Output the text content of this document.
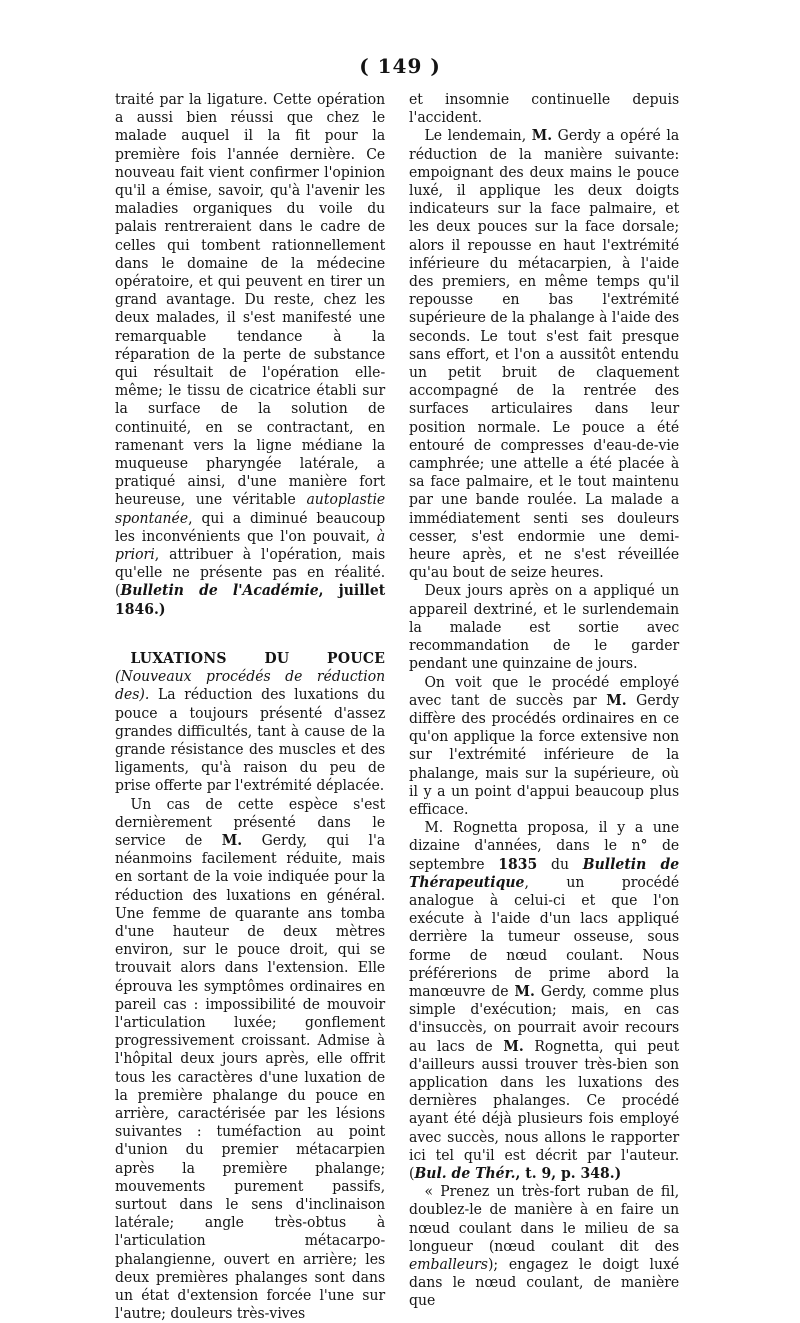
( 149 )

traité par la ligature. Cette opération a aussi bien réussi que chez le malade auquel il la fit pour la première fois l'année dernière. Ce nouveau fait vient confirmer l'opinion qu'il a émise, savoir, qu'à l'avenir les maladies organiques du voile du palais rentreraient dans le cadre de celles qui tombent rationnellement dans le domaine de la médecine opératoire, et qui peuvent en tirer un grand avantage. Du reste, chez les deux malades, il s'est manifesté une remarquable tendance à la réparation de la perte de substance qui résultait de l'opération elle-même; le tissu de cicatrice établi sur la surface de la solution de continuité, en se contractant, en ramenant vers la ligne médiane la muqueuse pharyngée latérale, a pratiqué ainsi, d'une manière fort heureuse, une véritable autoplastie spontanée, qui a diminué beaucoup les inconvénients que l'on pouvait, à priori, attribuer à l'opération, mais qu'elle ne présente pas en réalité. (Bulletin de l'Académie, juillet 1846.)

LUXATIONS DU POUCE (Nouveaux procédés de réduction des). La réduction des luxations du pouce a toujours présenté d'assez grandes difficultés, tant à cause de la grande résistance des muscles et des ligaments, qu'à raison du peu de prise offerte par l'extrémité déplacée.

Un cas de cette espèce s'est dernièrement présenté dans le service de M. Gerdy, qui l'a néanmoins facilement réduite, mais en sortant de la voie indiquée pour la réduction des luxations en général. Une femme de quarante ans tomba d'une hauteur de deux mètres environ, sur le pouce droit, qui se trouvait alors dans l'extension. Elle éprouva les symptômes ordinaires en pareil cas : impossibilité de mouvoir l'articulation luxée; gonflement progressivement croissant. Admise à l'hôpital deux jours après, elle offrit tous les caractères d'une luxation de la première phalange du pouce en arrière, caractérisée par les lésions suivantes : tuméfaction au point d'union du premier métacarpien après la première phalange; mouvements purement passifs, surtout dans le sens d'inclinaison latérale; angle très-obtus à l'articulation métacarpo-phalangienne, ouvert en arrière; les deux premières phalanges sont dans un état d'extension forcée l'une sur l'autre; douleurs très-vives

et insomnie continuelle depuis l'accident.

Le lendemain, M. Gerdy a opéré la réduction de la manière suivante: empoignant des deux mains le pouce luxé, il applique les deux doigts indicateurs sur la face palmaire, et les deux pouces sur la face dorsale; alors il repousse en haut l'extrémité inférieure du métacarpien, à l'aide des premiers, en même temps qu'il repousse en bas l'extrémité supérieure de la phalange à l'aide des seconds. Le tout s'est fait presque sans effort, et l'on a aussitôt entendu un petit bruit de claquement accompagné de la rentrée des surfaces articulaires dans leur position normale. Le pouce a été entouré de compresses d'eau-de-vie camphrée; une attelle a été placée à sa face palmaire, et le tout maintenu par une bande roulée. La malade a immédiatement senti ses douleurs cesser, s'est endormie une demi-heure après, et ne s'est réveillée qu'au bout de seize heures.

Deux jours après on a appliqué un appareil dextriné, et le surlendemain la malade est sortie avec recommandation de le garder pendant une quinzaine de jours.

On voit que le procédé employé avec tant de succès par M. Gerdy diffère des procédés ordinaires en ce qu'on applique la force extensive non sur l'extrémité inférieure de la phalange, mais sur la supérieure, où il y a un point d'appui beaucoup plus efficace.

M. Rognetta proposa, il y a une dizaine d'années, dans le n° de septembre 1835 du Bulletin de Thérapeutique, un procédé analogue à celui-ci et que l'on exécute à l'aide d'un lacs appliqué derrière la tumeur osseuse, sous forme de nœud coulant. Nous préférerions de prime abord la manœuvre de M. Gerdy, comme plus simple d'exécution; mais, en cas d'insuccès, on pourrait avoir recours au lacs de M. Rognetta, qui peut d'ailleurs aussi trouver très-bien son application dans les luxations des dernières phalanges. Ce procédé ayant été déjà plusieurs fois employé avec succès, nous allons le rapporter ici tel qu'il est décrit par l'auteur. (Bul. de Thér., t. 9, p. 348.)

« Prenez un très-fort ruban de fil, doublez-le de manière à en faire un nœud coulant dans le milieu de sa longueur (nœud coulant dit des emballeurs); engagez le doigt luxé dans le nœud coulant, de manière que
